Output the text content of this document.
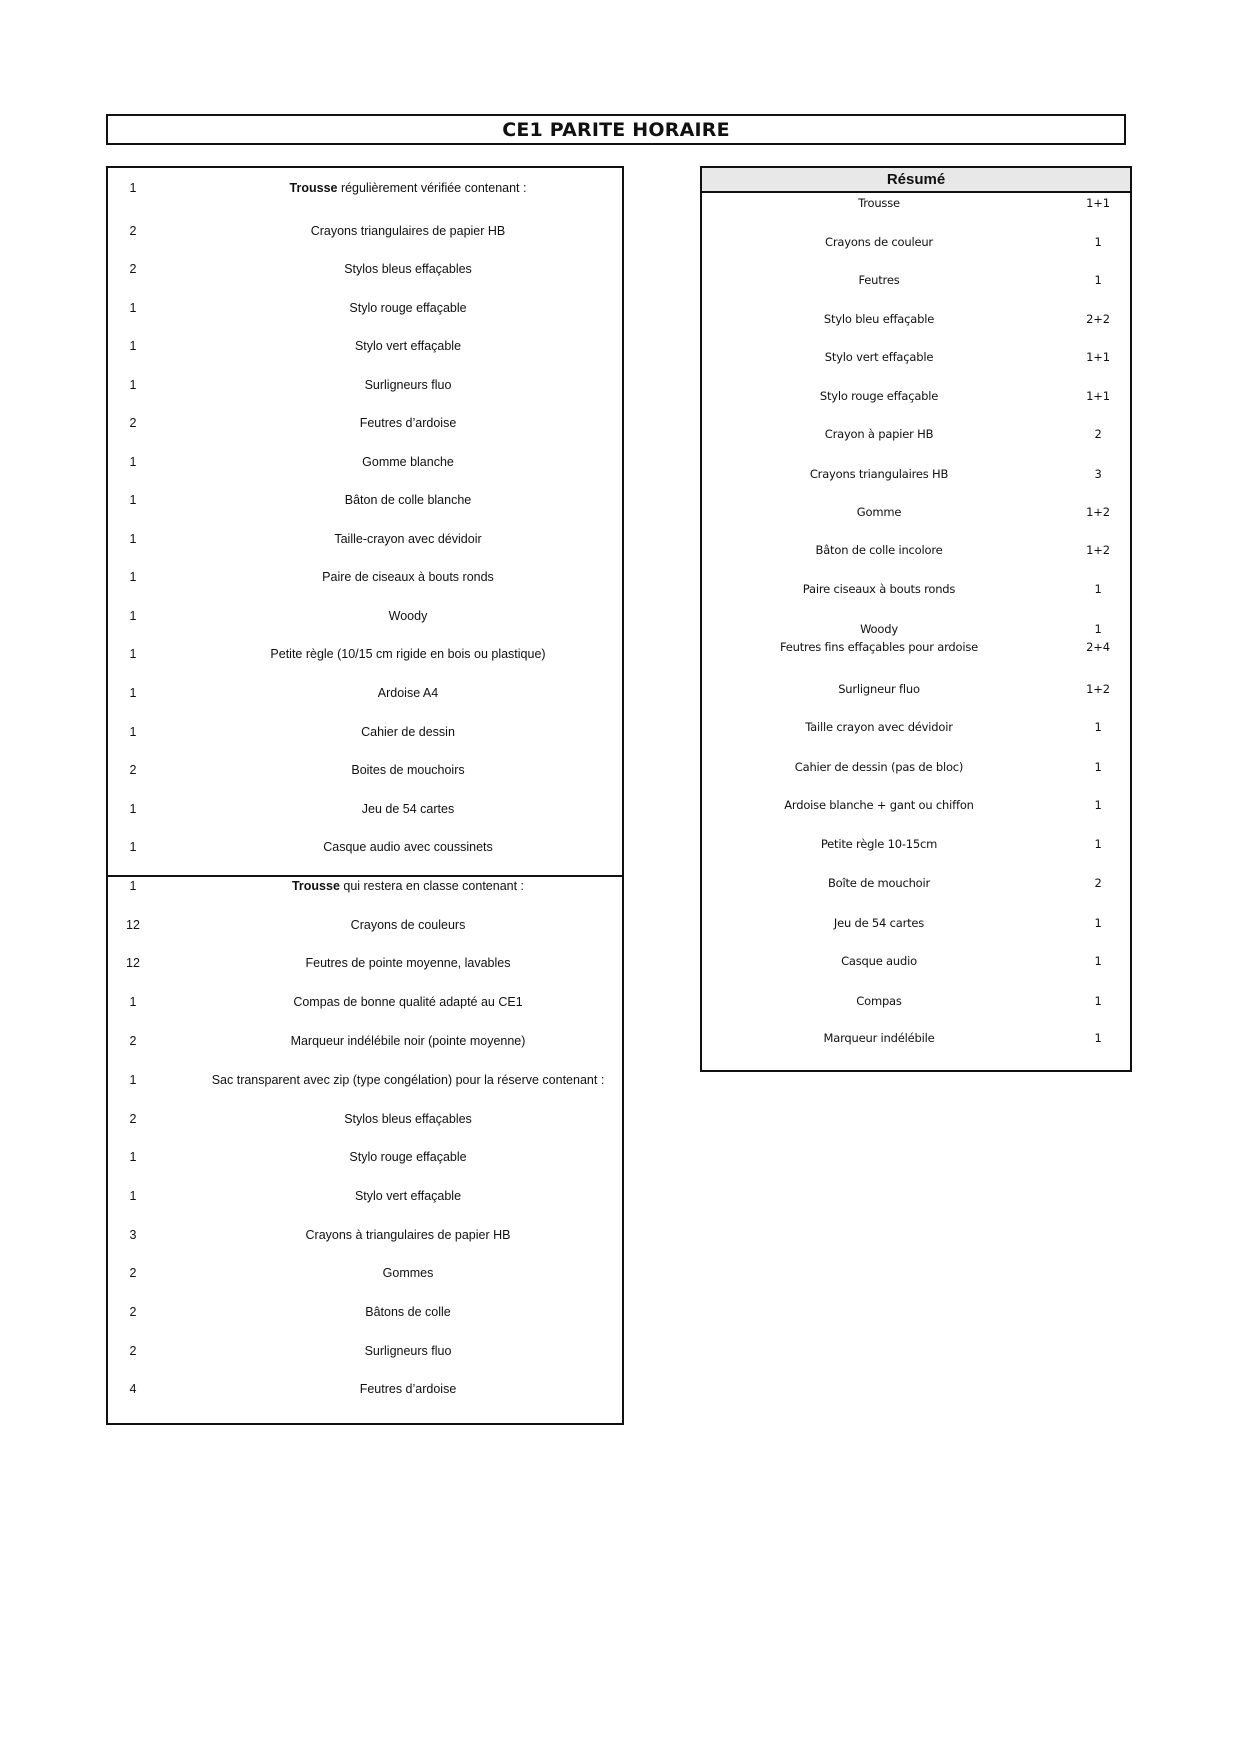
CE1 PARITE HORAIRE
1	Trousse régulièrement vérifiée contenant :
2	Crayons triangulaires de papier HB
2	Stylos bleus effaçables
1	Stylo rouge effaçable
1	Stylo vert effaçable
1	Surligneurs fluo
2	Feutres d’ardoise
1	Gomme blanche
1	Bâton de colle blanche
1	Taille-crayon avec dévidoir
1	Paire de ciseaux à bouts ronds
1	Woody
1	Petite règle (10/15 cm rigide en bois ou plastique)
1	Ardoise A4
1	Cahier de dessin
2	Boites de mouchoirs
1	Jeu de 54 cartes
1	Casque audio avec coussinets
1	Trousse qui restera en classe contenant :
12	Crayons de couleurs
12	Feutres de pointe moyenne, lavables
1	Compas de bonne qualité adapté au CE1
2	Marqueur indélébile noir (pointe moyenne)
1	Sac transparent avec zip (type congélation) pour la réserve contenant :
2	Stylos bleus effaçables
1	Stylo rouge effaçable
1	Stylo vert effaçable
3	Crayons à triangulaires de papier HB
2	Gommes
2	Bâtons de colle
2	Surligneurs fluo
4	Feutres d’ardoise
Résumé
Trousse	1+1
Crayons de couleur	1
Feutres	1
Stylo bleu effaçable	2+2
Stylo vert effaçable	1+1
Stylo rouge effaçable	1+1
Crayon à papier HB	2
Crayons triangulaires HB	3
Gomme	1+2
Bâton de colle incolore	1+2
Paire ciseaux à bouts ronds	1
Woody	1
Feutres fins effaçables pour ardoise	2+4
Surligneur fluo	1+2
Taille crayon avec dévidoir	1
Cahier de dessin (pas de bloc)	1
Ardoise blanche + gant ou chiffon	1
Petite règle 10-15cm	1
Boîte de mouchoir	2
Jeu de 54 cartes	1
Casque audio	1
Compas	1
Marqueur indélébile	1
